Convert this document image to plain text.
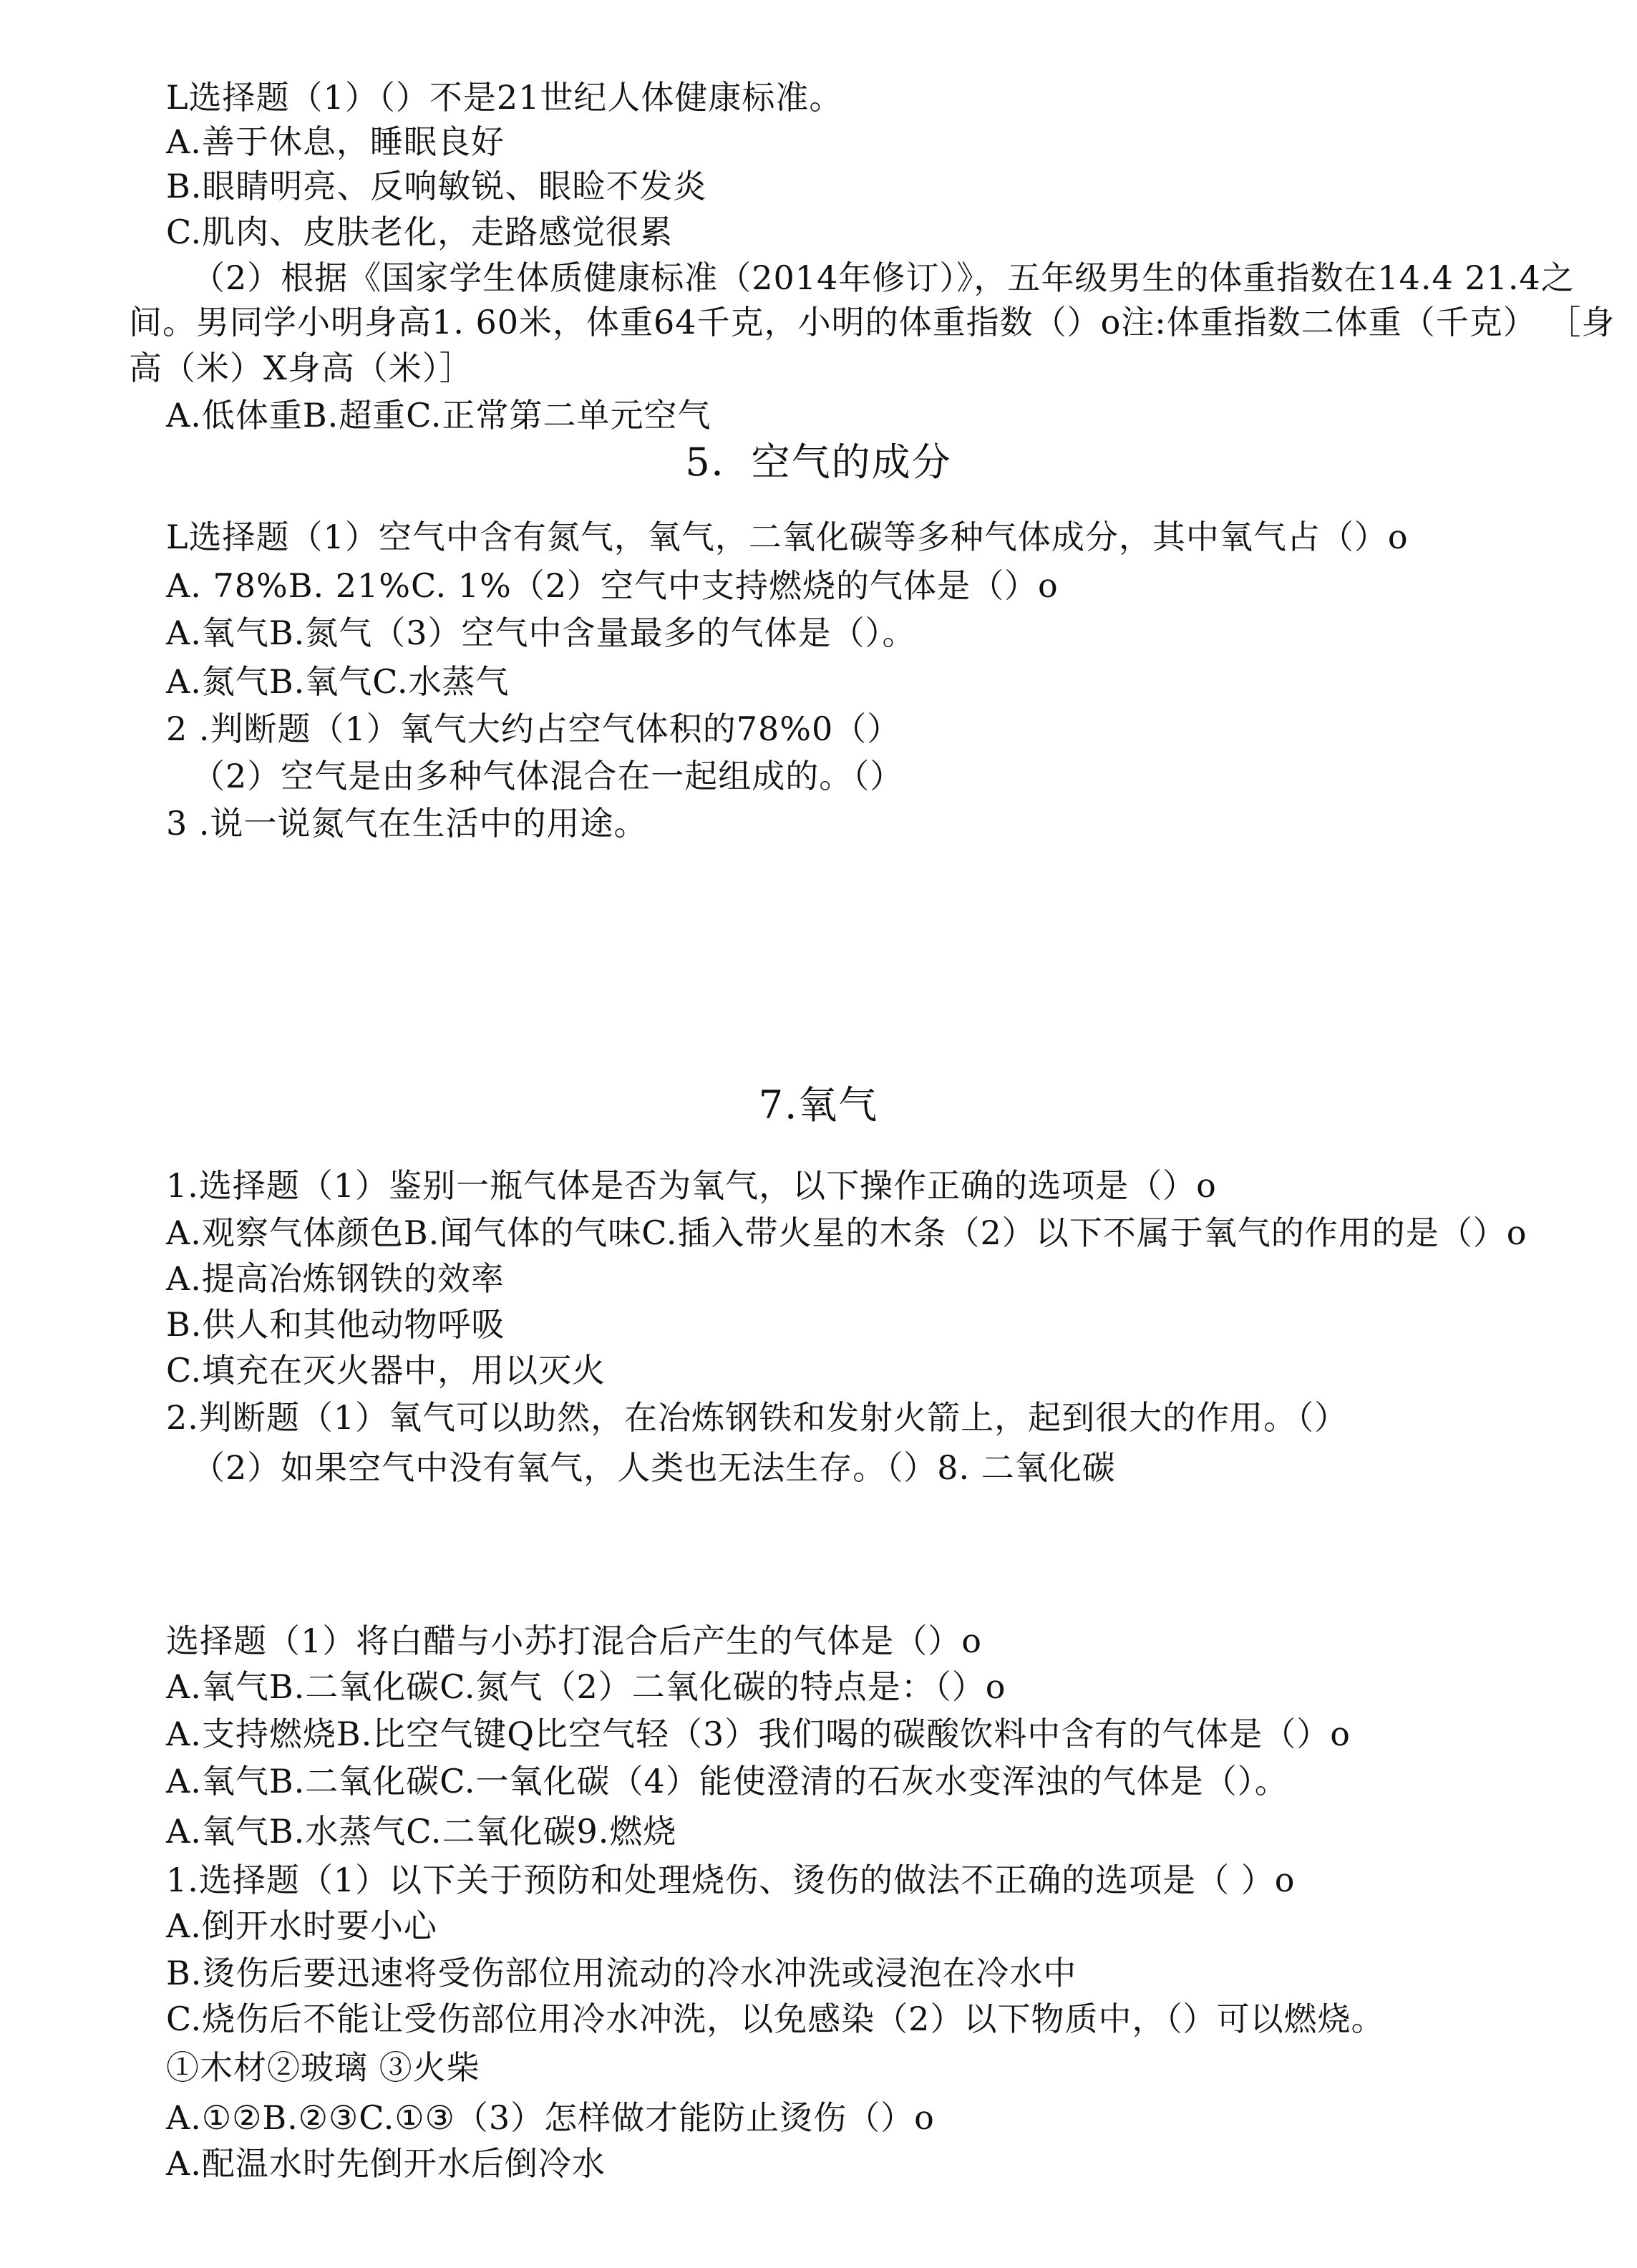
L选择题（1）（）不是21世纪人体健康标准。
A.善于休息，睡眠良好
B.眼睛明亮、反响敏锐、眼睑不发炎
C.肌肉、皮肤老化，走路感觉很累
（2）根据《国家学生体质健康标准（2014年修订）》，五年级男生的体重指数在14.4 21.4之
间。男同学小明身高1. 60米，体重64千克，小明的体重指数（）o注:体重指数二体重（千克） ［身
高（米）X身高（米）］
A.低体重B.超重C.正常第二单元空气
5．空气的成分
L选择题（1）空气中含有氮气，氧气，二氧化碳等多种气体成分，其中氧气占（）o
A. 78%B. 21%C. 1%（2）空气中支持燃烧的气体是（）o
A.氧气B.氮气（3）空气中含量最多的气体是（）。
A.氮气B.氧气C.水蒸气
2 .判断题（1）氧气大约占空气体积的78%0（）
（2）空气是由多种气体混合在一起组成的。（）
3 .说一说氮气在生活中的用途。
7.氧气
1.选择题（1）鉴别一瓶气体是否为氧气，以下操作正确的选项是（）o
A.观察气体颜色B.闻气体的气味C.插入带火星的木条（2）以下不属于氧气的作用的是（）o
A.提高冶炼钢铁的效率
B.供人和其他动物呼吸
C.填充在灭火器中，用以灭火
2.判断题（1）氧气可以助然，在冶炼钢铁和发射火箭上，起到很大的作用。（）
（2）如果空气中没有氧气，人类也无法生存。（）8. 二氧化碳
选择题（1）将白醋与小苏打混合后产生的气体是（）o
A.氧气B.二氧化碳C.氮气（2）二氧化碳的特点是：（）o
A.支持燃烧B.比空气键Q比空气轻（3）我们喝的碳酸饮料中含有的气体是（）o
A.氧气B.二氧化碳C.一氧化碳（4）能使澄清的石灰水变浑浊的气体是（）。
A.氧气B.水蒸气C.二氧化碳9.燃烧
1.选择题（1）以下关于预防和处理烧伤、烫伤的做法不正确的选项是（ ）o
A.倒开水时要小心
B.烫伤后要迅速将受伤部位用流动的冷水冲洗或浸泡在冷水中
C.烧伤后不能让受伤部位用冷水冲洗，以免感染（2）以下物质中，（）可以燃烧。
①木材②玻璃 ③火柴
A.①②B.②③C.①③（3）怎样做才能防止烫伤（）o
A.配温水时先倒开水后倒冷水
